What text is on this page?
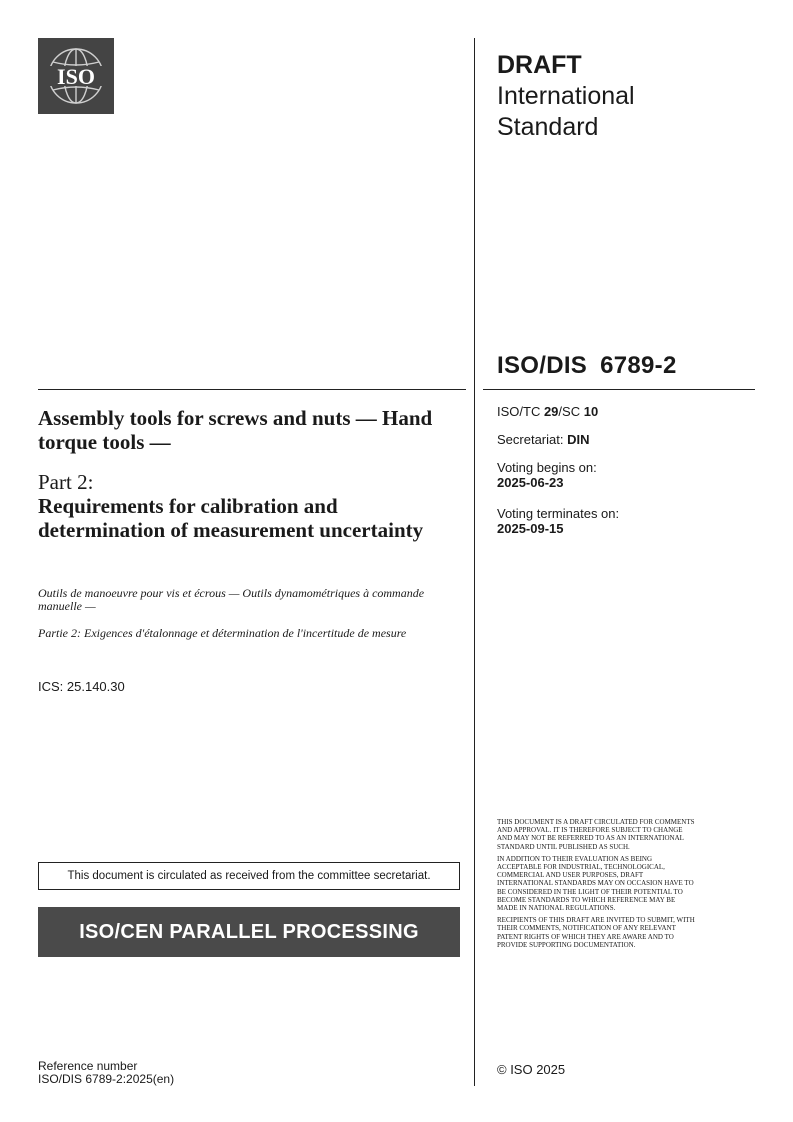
ISO	DRAFT
International
Standard
ISO/DIS 6789-2
ISO/TC 29/SC 10
Secretariat: DIN
Voting begins on:
2025-06-23
Voting terminates on:
2025-09-15

THIS DOCUMENT IS A DRAFT CIRCULATED FOR COMMENTS AND APPROVAL. IT IS THEREFORE SUBJECT TO CHANGE AND MAY NOT BE REFERRED TO AS AN INTERNATIONAL STANDARD UNTIL PUBLISHED AS SUCH.

IN ADDITION TO THEIR EVALUATION AS BEING ACCEPTABLE FOR INDUSTRIAL, TECHNOLOGICAL, COMMERCIAL AND USER PURPOSES, DRAFT INTERNATIONAL STANDARDS MAY ON OCCASION HAVE TO BE CONSIDERED IN THE LIGHT OF THEIR POTENTIAL TO BECOME STANDARDS TO WHICH REFERENCE MAY BE MADE IN NATIONAL REGULATIONS.

RECIPIENTS OF THIS DRAFT ARE INVITED TO SUBMIT, WITH THEIR COMMENTS, NOTIFICATION OF ANY RELEVANT PATENT RIGHTS OF WHICH THEY ARE AWARE AND TO PROVIDE SUPPORTING DOCUMENTATION.

© ISO 2025
Assembly tools for screws and nuts — Hand torque tools —
Part 2:
Requirements for calibration and determination of measurement uncertainty
Outils de manoeuvre pour vis et écrous — Outils dynamométriques à commande manuelle —
Partie 2: Exigences d'étalonnage et détermination de l'incertitude de mesure
ICS: 25.140.30
This document is circulated as received from the committee secretariat.
ISO/CEN PARALLEL PROCESSING
Reference number
ISO/DIS 6789-2:2025(en)
